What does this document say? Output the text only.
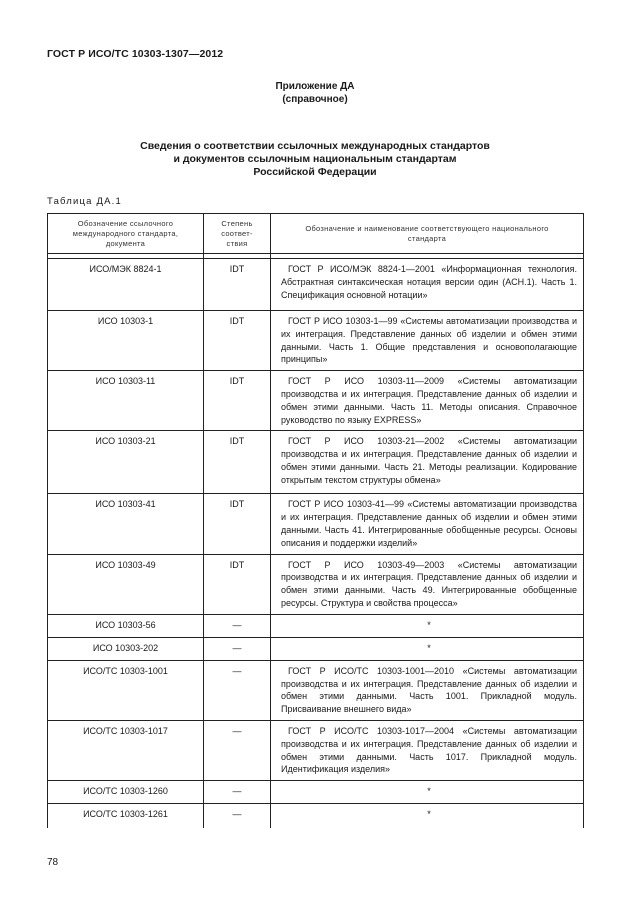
ГОСТ Р ИСО/ТС 10303-1307—2012
Приложение ДА
(справочное)
Сведения о соответствии ссылочных международных стандартов
и документов ссылочным национальным стандартам
Российской Федерации
Таблица ДА.1
Обозначение ссылочного международного стандарта, документа	Степень соответ- ствия	Обозначение и наименование соответствующего национального стандарта

ИСО/МЭК 8824-1	IDT	ГОСТ Р ИСО/МЭК 8824-1—2001 «Информационная технология. Абстрактная синтаксическая нотация версии один (АСН.1). Часть 1. Спецификация основной нотации»
ИСО 10303-1	IDT	ГОСТ Р ИСО 10303-1—99 «Системы автоматизации производства и их интеграция. Представление данных об изделии и обмен этими данными. Часть 1. Общие представления и основополагающие принципы»
ИСО 10303-11	IDT	ГОСТ Р ИСО 10303-11—2009 «Системы автоматизации производства и их интеграция. Представление данных об изделии и обмен этими данными. Часть 11. Методы описания. Справочное руководство по языку EXPRESS»
ИСО 10303-21	IDT	ГОСТ Р ИСО 10303-21—2002 «Системы автоматизации производства и их интеграция. Представление данных об изделии и обмен этими данными. Часть 21. Методы реализации. Кодирование открытым текстом структуры обмена»
ИСО 10303-41	IDT	ГОСТ Р ИСО 10303-41—99 «Системы автоматизации производства и их интеграция. Представление данных об изделии и обмен этими данными. Часть 41. Интегрированные обобщенные ресурсы. Основы описания и поддержки изделий»
ИСО 10303-49	IDT	ГОСТ Р ИСО 10303-49—2003 «Системы автоматизации производства и их интеграция. Представление данных об изделии и обмен этими данными. Часть 49. Интегрированные обобщенные ресурсы. Структура и свойства процесса»
ИСО 10303-56	—	*
ИСО 10303-202	—	*
ИСО/ТС 10303-1001	—	ГОСТ Р ИСО/ТС 10303-1001—2010 «Системы автоматизации производства и их интеграция. Представление данных об изделии и обмен этими данными. Часть 1001. Прикладной модуль. Присваивание внешнего вида»
ИСО/ТС 10303-1017	—	ГОСТ Р ИСО/ТС 10303-1017—2004 «Системы автоматизации производства и их интеграция. Представление данных об изделии и обмен этими данными. Часть 1017. Прикладной модуль. Идентификация изделия»
ИСО/ТС 10303-1260	—	*
ИСО/ТС 10303-1261	—	*
78
